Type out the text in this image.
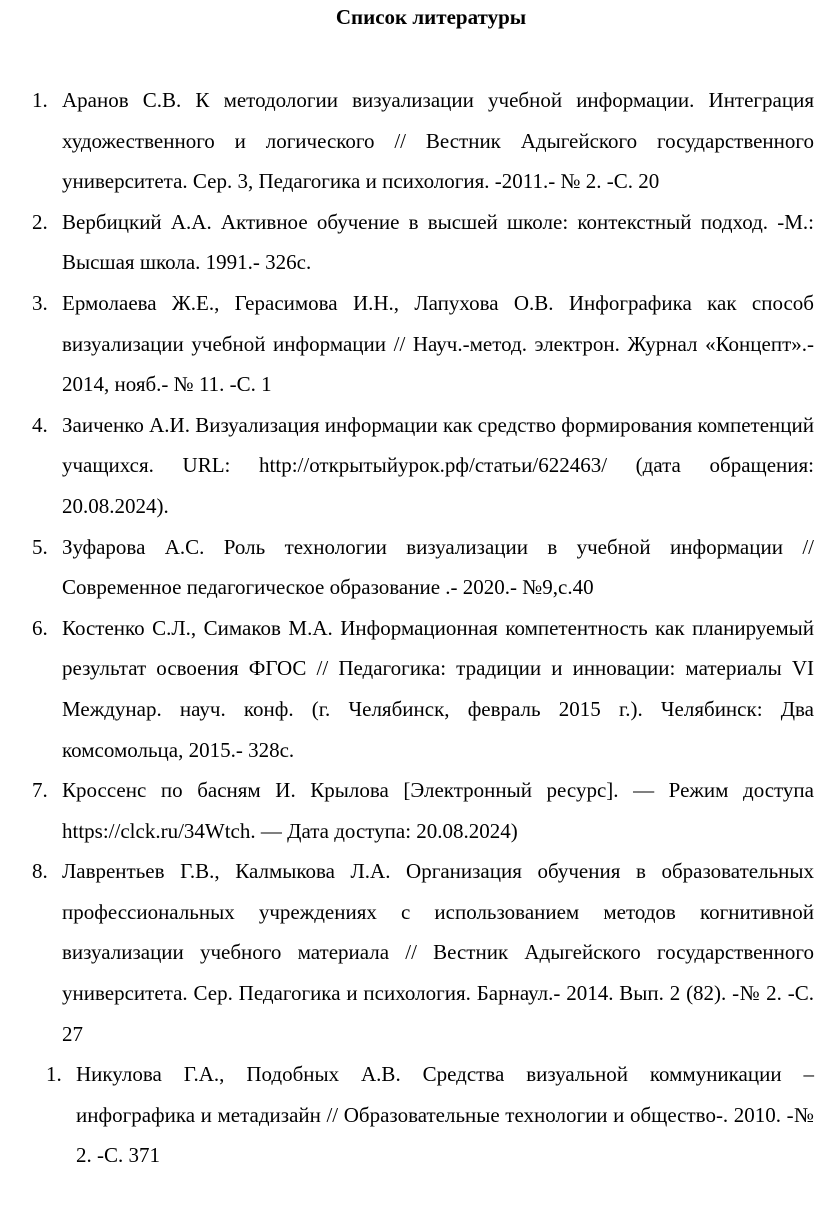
Список литературы
1. Аранов С.В. К методологии визуализации учебной информации. Интеграция художественного и логического // Вестник Адыгейского государственного университета. Сер. 3, Педагогика и психология. -2011.- № 2. -С. 20
2. Вербицкий А.А. Активное обучение в высшей школе: контекстный подход. -М.: Высшая школа. 1991.- 326с.
3. Ермолаева Ж.Е., Герасимова И.Н., Лапухова О.В. Инфографика как способ визуализации учебной информации // Науч.-метод. электрон. Журнал «Концепт».- 2014, нояб.- № 11. -С. 1
4. Заиченко А.И. Визуализация информации как средство формирования компетенций учащихся. URL: http://открытыйурок.рф/статьи/622463/ (дата обращения: 20.08.2024).
5. Зуфарова А.С. Роль технологии визуализации в учебной информации //Современное педагогическое образование .- 2020.- №9,с.40
6. Костенко С.Л., Симаков М.А. Информационная компетентность как планируемый результат освоения ФГОС // Педагогика: традиции и инновации: материалы VI Междунар. науч. конф. (г. Челябинск, февраль 2015 г.). Челябинск: Два комсомольца, 2015.- 328с.
7. Кроссенс по басням И. Крылова [Электронный ресурс]. — Режим доступа https://clck.ru/34Wtch. — Дата доступа: 20.08.2024)
8. Лаврентьев Г.В., Калмыкова Л.А. Организация обучения в образовательных профессиональных учреждениях с использованием методов когнитивной визуализации учебного материала // Вестник Адыгейского государственного университета. Сер. Педагогика и психология. Барнаул.- 2014. Вып. 2 (82). -№ 2. -С. 27
1. Никулова Г.А., Подобных А.В. Средства визуальной коммуникации – инфографика и метадизайн // Образовательные технологии и общество-. 2010. -№ 2. -С. 371
